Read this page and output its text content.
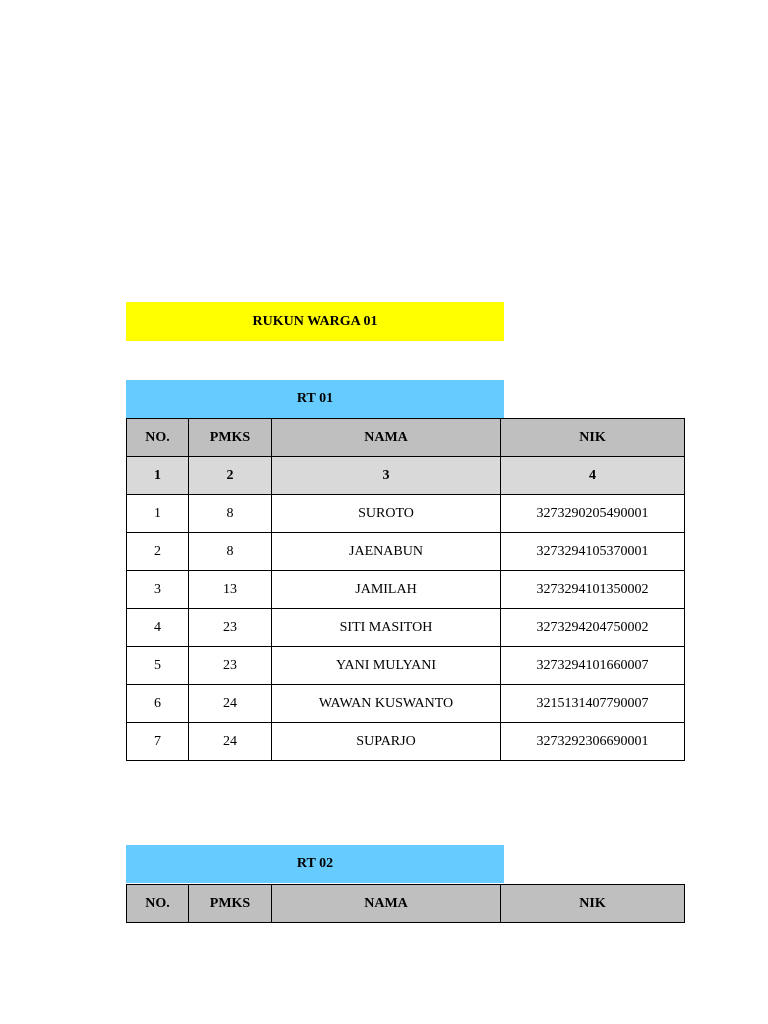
RUKUN WARGA 01
RT 01
NO.	PMKS	NAMA	NIK
1	2	3	4
1	8	SUROTO	3273290205490001
2	8	JAENABUN	3273294105370001
3	13	JAMILAH	3273294101350002
4	23	SITI MASITOH	3273294204750002
5	23	YANI MULYANI	3273294101660007
6	24	WAWAN KUSWANTO	3215131407790007
7	24	SUPARJO	3273292306690001
RT 02
NO.	PMKS	NAMA	NIK
